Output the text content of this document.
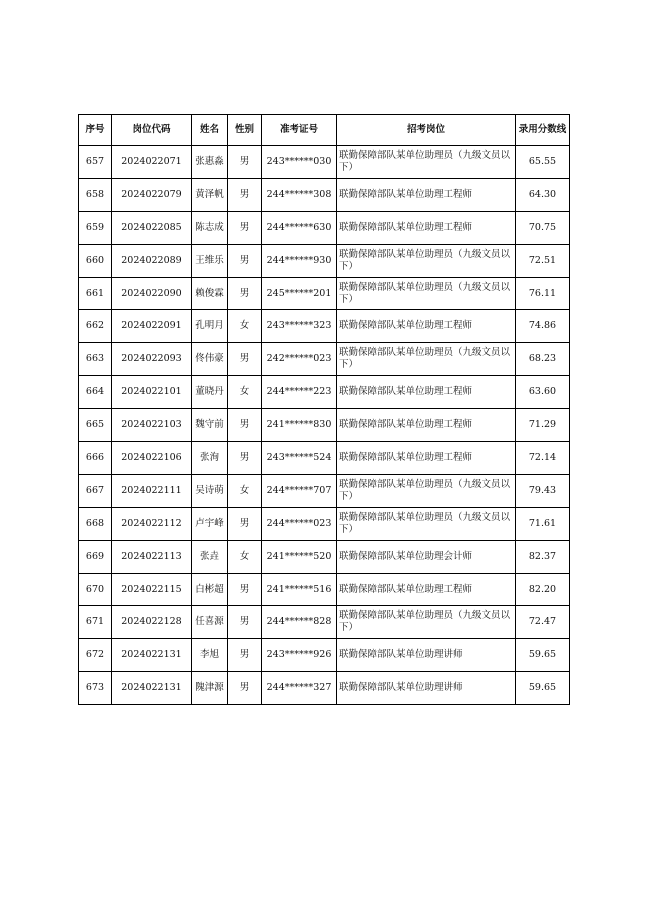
序号	岗位代码	姓名	性别	准考证号	招考岗位	录用分数线
657	2024022071	张惠淼	男	243******030	联勤保障部队某单位助理员（九级文员以下）	65.55
658	2024022079	黄泽帆	男	244******308	联勤保障部队某单位助理工程师	64.30
659	2024022085	陈志成	男	244******630	联勤保障部队某单位助理工程师	70.75
660	2024022089	王维乐	男	244******930	联勤保障部队某单位助理员（九级文员以下）	72.51
661	2024022090	赖俊霖	男	245******201	联勤保障部队某单位助理员（九级文员以下）	76.11
662	2024022091	孔明月	女	243******323	联勤保障部队某单位助理工程师	74.86
663	2024022093	佟伟豪	男	242******023	联勤保障部队某单位助理员（九级文员以下）	68.23
664	2024022101	董晓丹	女	244******223	联勤保障部队某单位助理工程师	63.60
665	2024022103	魏守前	男	241******830	联勤保障部队某单位助理工程师	71.29
666	2024022106	张洵	男	243******524	联勤保障部队某单位助理工程师	72.14
667	2024022111	吴诗萌	女	244******707	联勤保障部队某单位助理员（九级文员以下）	79.43
668	2024022112	卢宇峰	男	244******023	联勤保障部队某单位助理员（九级文员以下）	71.61
669	2024022113	张垚	女	241******520	联勤保障部队某单位助理会计师	82.37
670	2024022115	白彬超	男	241******516	联勤保障部队某单位助理工程师	82.20
671	2024022128	任喜源	男	244******828	联勤保障部队某单位助理员（九级文员以下）	72.47
672	2024022131	李旭	男	243******926	联勤保障部队某单位助理讲师	59.65
673	2024022131	隗津源	男	244******327	联勤保障部队某单位助理讲师	59.65
